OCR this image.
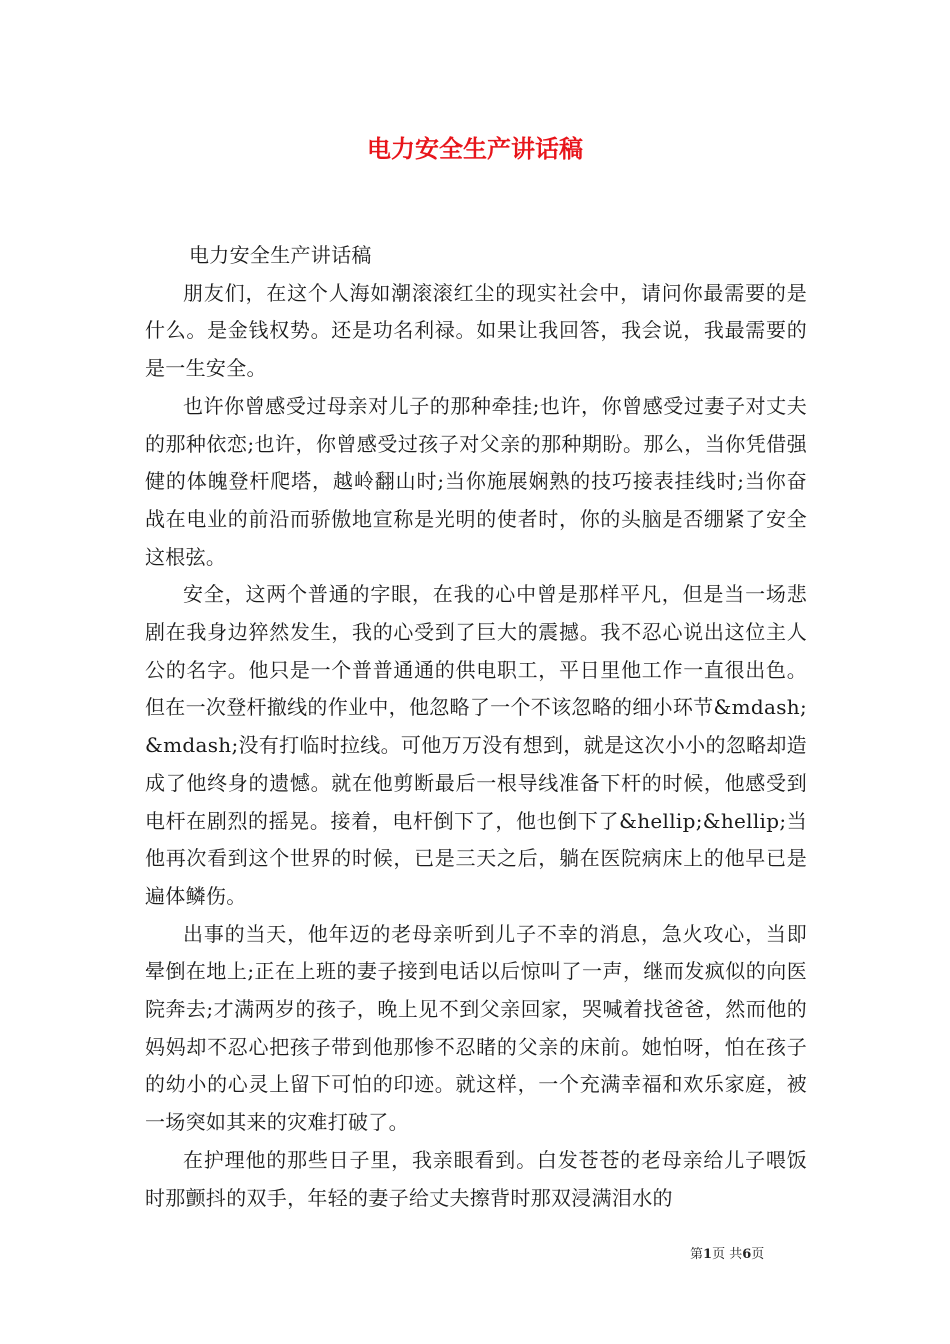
电力安全生产讲话稿

电力安全生产讲话稿

朋友们，在这个人海如潮滚滚红尘的现实社会中，请问你最需要的是什么。是金钱权势。还是功名利禄。如果让我回答，我会说，我最需要的是一生安全。

也许你曾感受过母亲对儿子的那种牵挂;也许，你曾感受过妻子对丈夫的那种依恋;也许，你曾感受过孩子对父亲的那种期盼。那么，当你凭借强健的体魄登杆爬塔，越岭翻山时;当你施展娴熟的技巧接表挂线时;当你奋战在电业的前沿而骄傲地宣称是光明的使者时，你的头脑是否绷紧了安全这根弦。

安全，这两个普通的字眼，在我的心中曾是那样平凡，但是当一场悲剧在我身边猝然发生，我的心受到了巨大的震撼。我不忍心说出这位主人公的名字。他只是一个普普通通的供电职工，平日里他工作一直很出色。但在一次登杆撤线的作业中，他忽略了一个不该忽略的细小环节&mdash;&mdash;没有打临时拉线。可他万万没有想到，就是这次小小的忽略却造成了他终身的遗憾。就在他剪断最后一根导线准备下杆的时候，他感受到电杆在剧烈的摇晃。接着，电杆倒下了，他也倒下了&hellip;&hellip;当他再次看到这个世界的时候，已是三天之后，躺在医院病床上的他早已是遍体鳞伤。

出事的当天，他年迈的老母亲听到儿子不幸的消息，急火攻心，当即晕倒在地上;正在上班的妻子接到电话以后惊叫了一声，继而发疯似的向医院奔去;才满两岁的孩子，晚上见不到父亲回家，哭喊着找爸爸，然而他的妈妈却不忍心把孩子带到他那惨不忍睹的父亲的床前。她怕呀，怕在孩子的幼小的心灵上留下可怕的印迹。就这样，一个充满幸福和欢乐家庭，被一场突如其来的灾难打破了。

在护理他的那些日子里，我亲眼看到。白发苍苍的老母亲给儿子喂饭时那颤抖的双手，年轻的妻子给丈夫擦背时那双浸满泪水的

第1页 共6页
